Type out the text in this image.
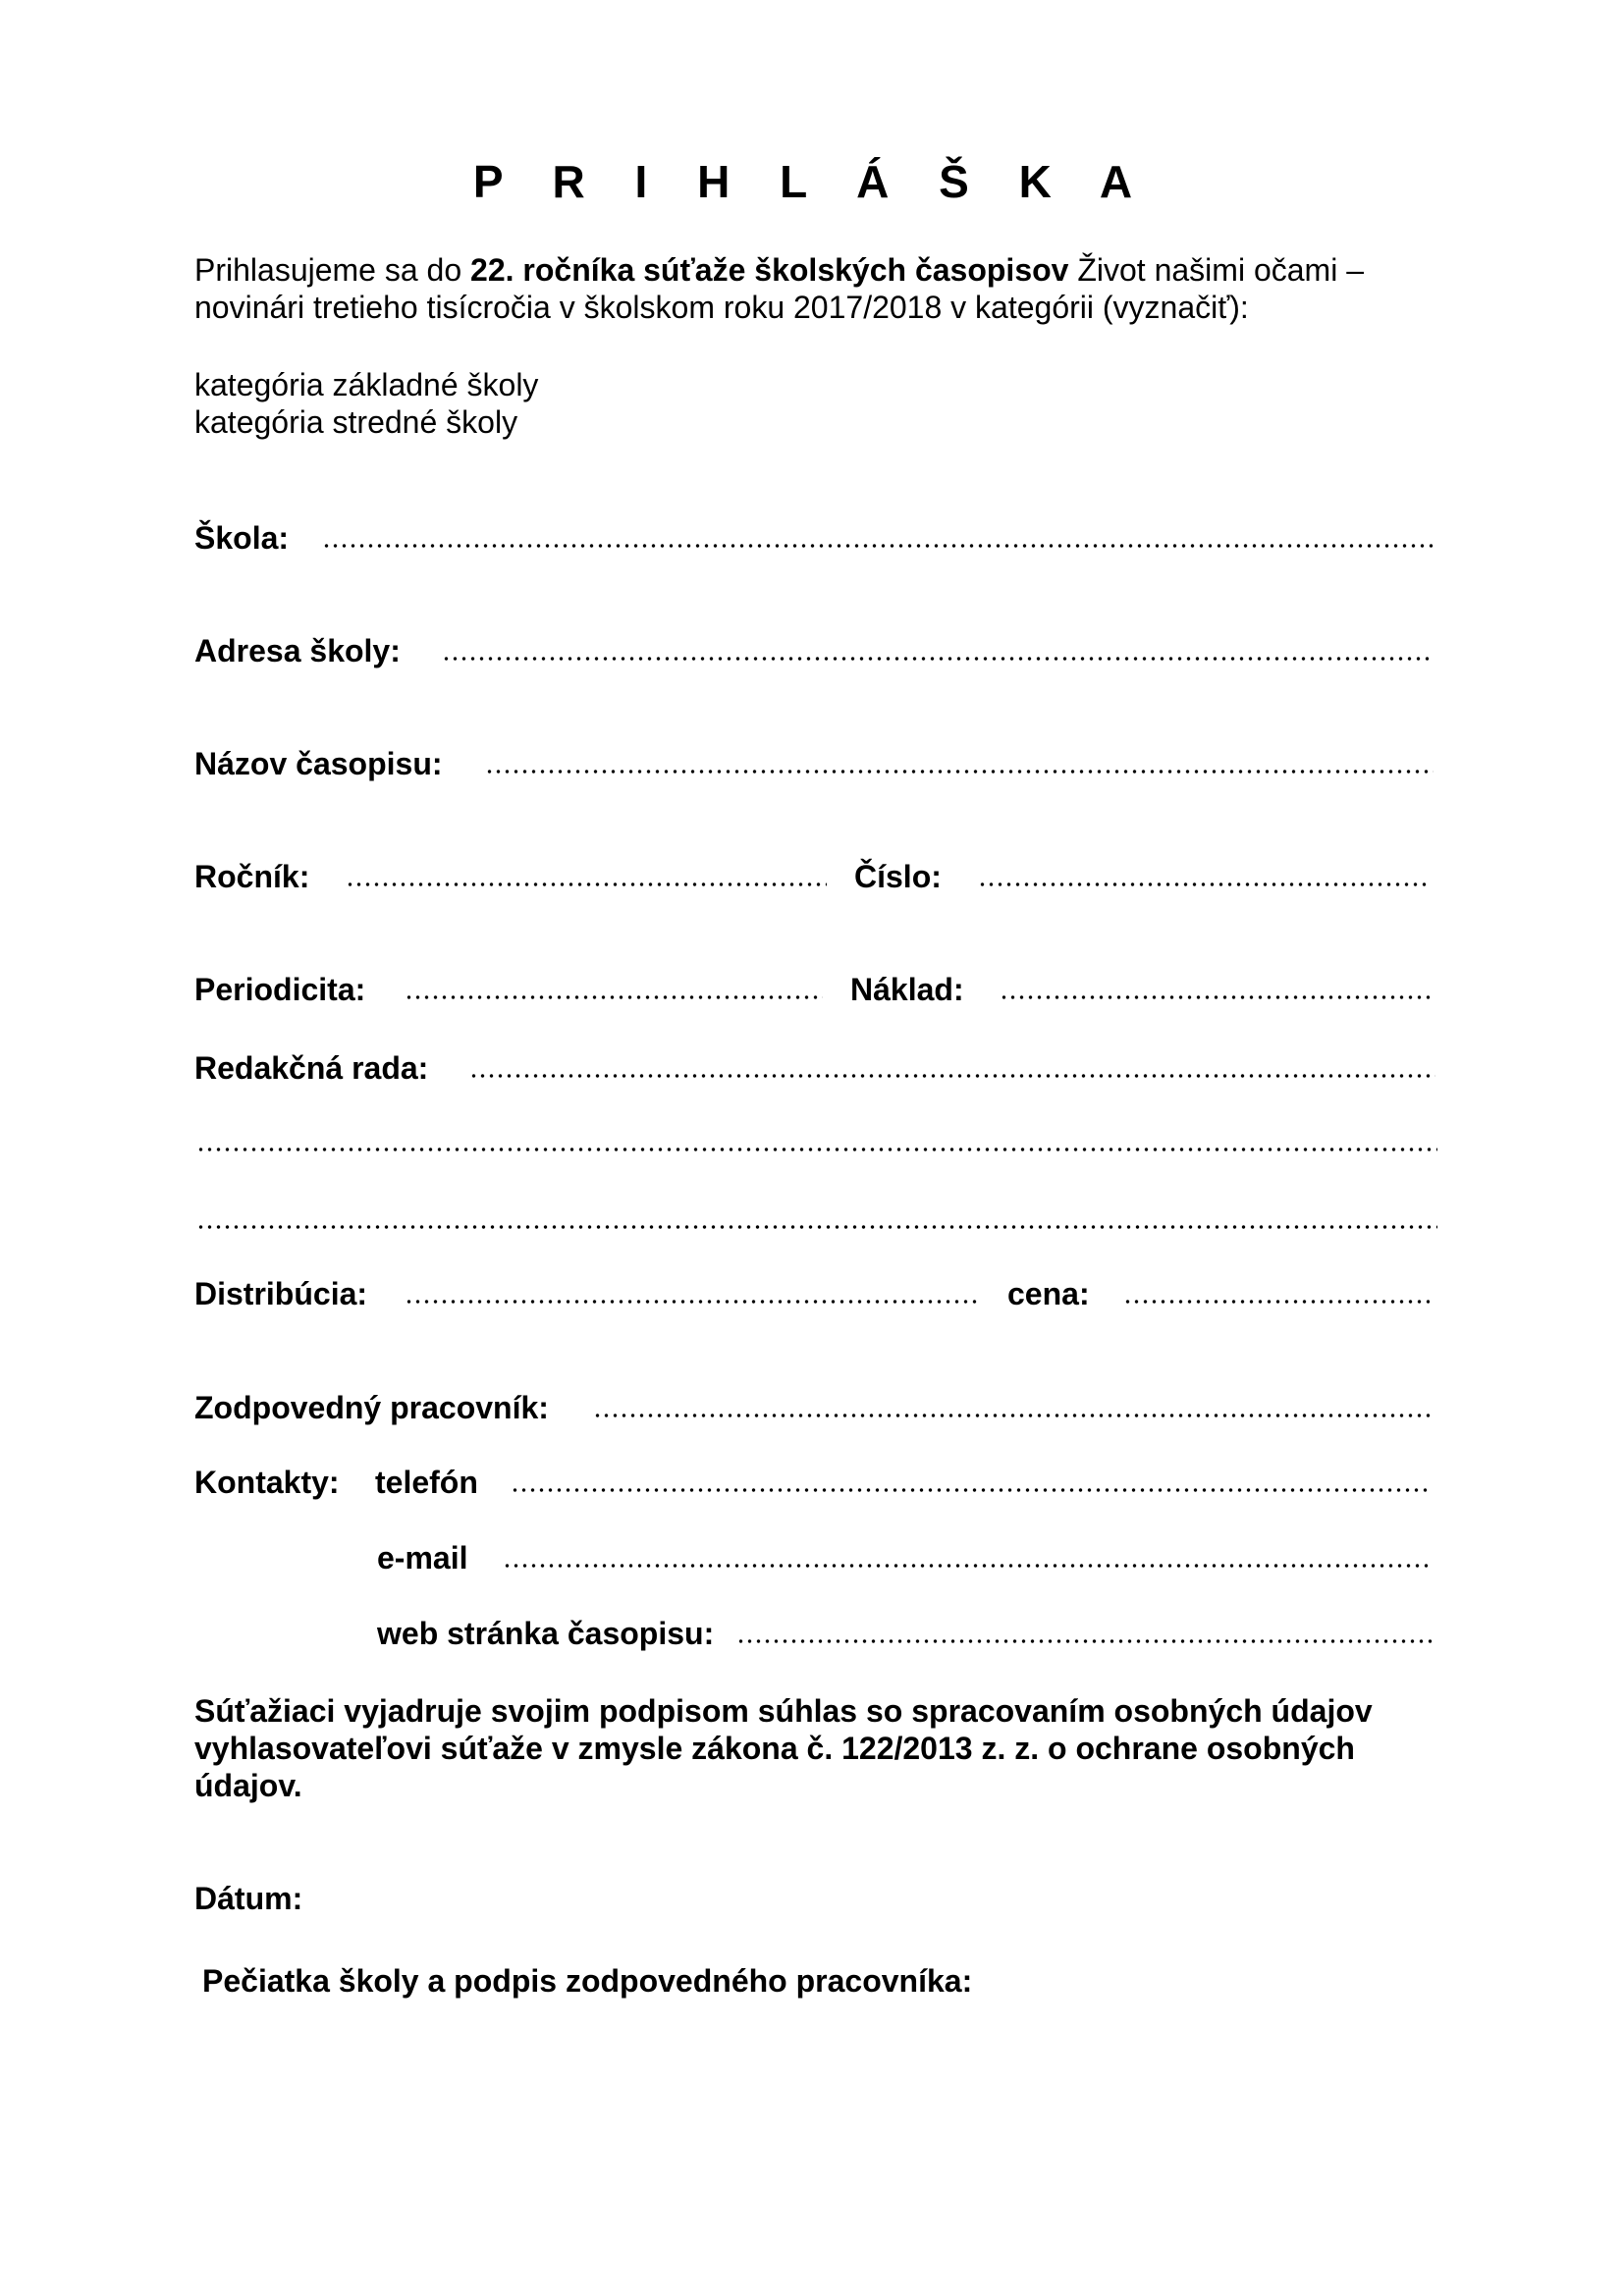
P R I H L Á Š K A
Prihlasujeme sa do 22. ročníka súťaže školských časopisov Život našimi očami –
novinári tretieho tisícročia v školskom roku 2017/2018 v kategórii (vyznačiť):
kategória základné školy
kategória stredné školy
Škola:
Adresa školy:
Názov časopisu:
Ročník:	Číslo:
Periodicita:	Náklad:
Redakčná rada:
Distribúcia:	cena:
Zodpovedný pracovník:
Kontakty: telefón
e-mail
web stránka časopisu:
Súťažiaci vyjadruje svojim podpisom súhlas so spracovaním osobných údajov vyhlasovateľovi súťaže v zmysle zákona č. 122/2013 z. z. o ochrane osobných údajov.
Dátum:
Pečiatka školy a podpis zodpovedného pracovníka:
